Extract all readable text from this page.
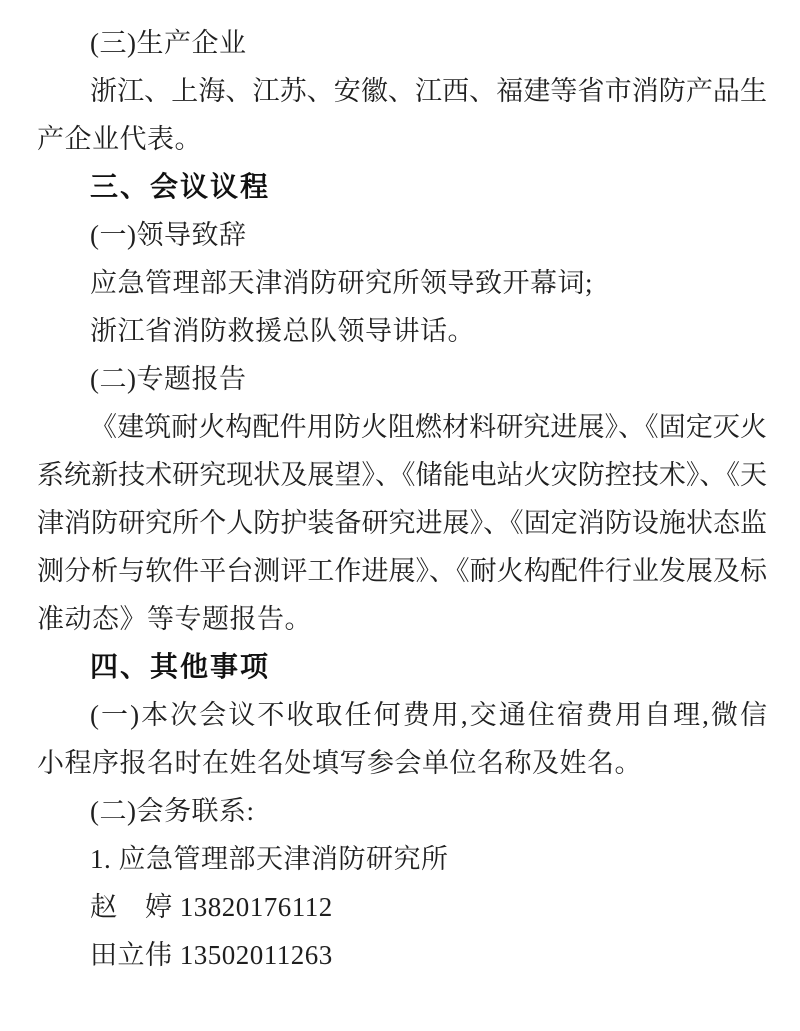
(三)生产企业
浙江、上海、江苏、安徽、江西、福建等省市消防产品生
产企业代表。
三、会议议程
(一)领导致辞
应急管理部天津消防研究所领导致开幕词;
浙江省消防救援总队领导讲话。
(二)专题报告
《建筑耐火构配件用防火阻燃材料研究进展》、《固定灭火
系统新技术研究现状及展望》、《储能电站火灾防控技术》、《天
津消防研究所个人防护装备研究进展》、《固定消防设施状态监
测分析与软件平台测评工作进展》、《耐火构配件行业发展及标
准动态》等专题报告。
四、其他事项
(一)本次会议不收取任何费用,交通住宿费用自理,微信
小程序报名时在姓名处填写参会单位名称及姓名。
(二)会务联系:
1. 应急管理部天津消防研究所
赵　婷 13820176112
田立伟 13502011263
